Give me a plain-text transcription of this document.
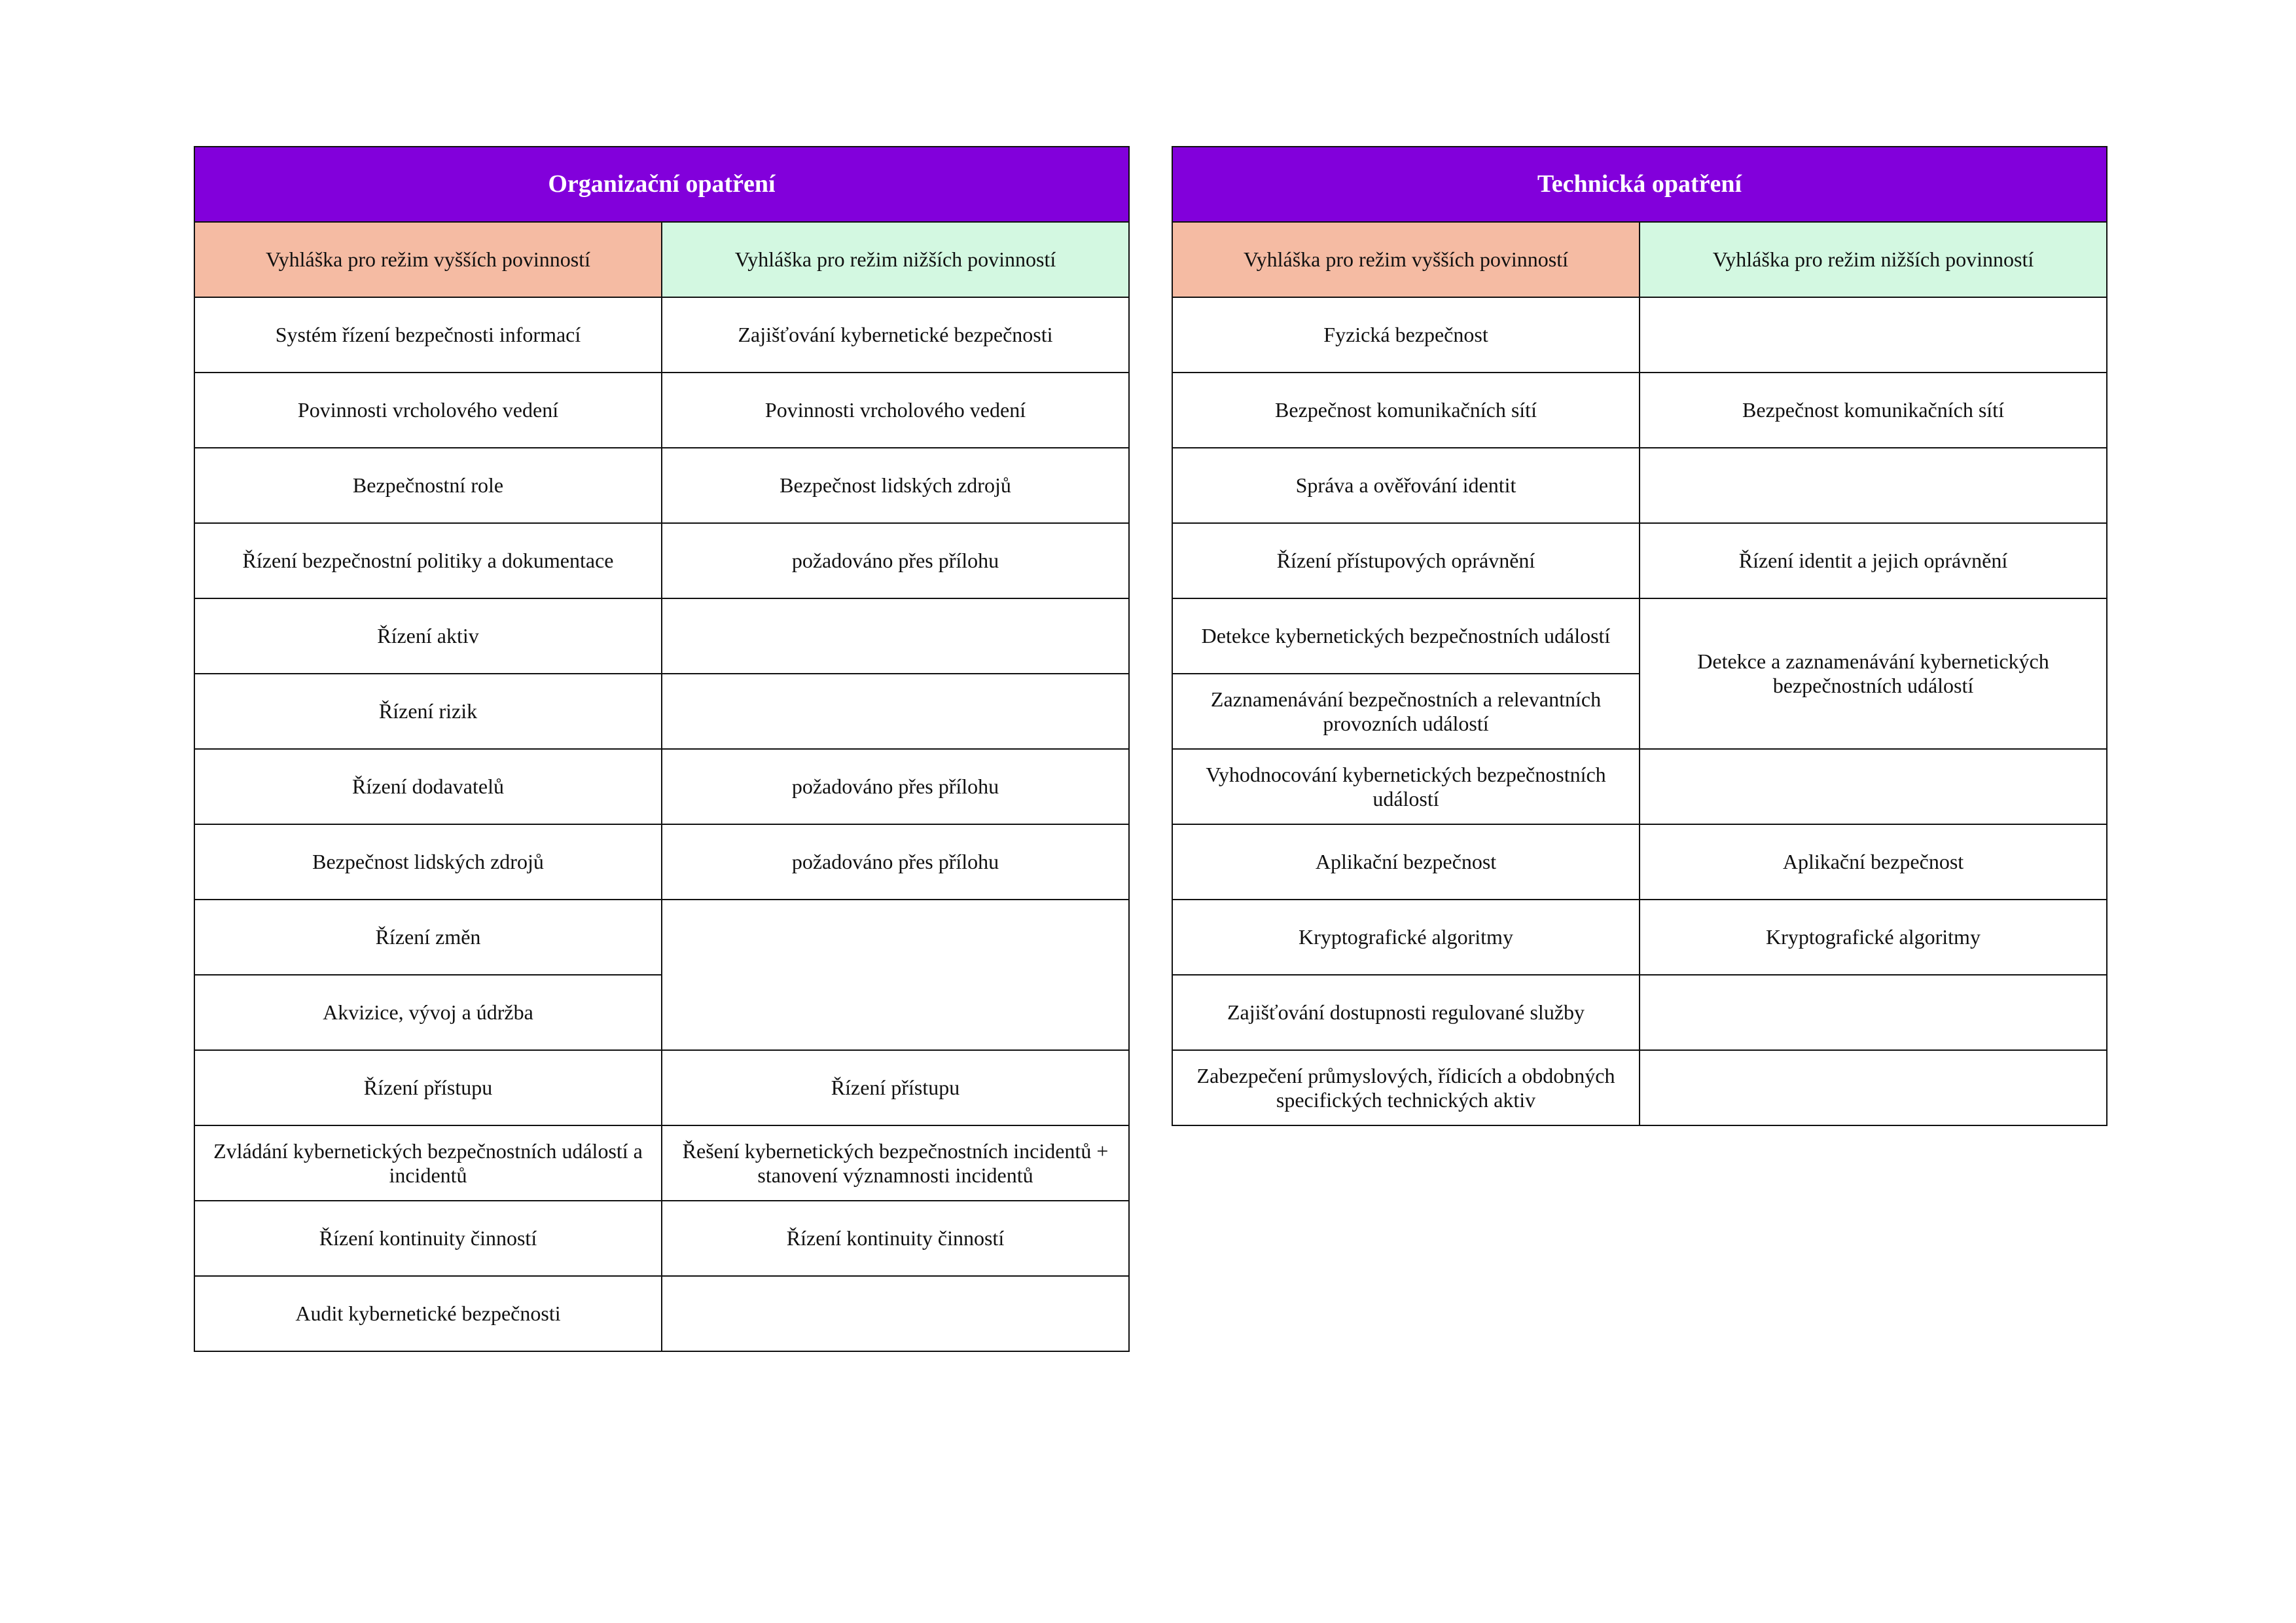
Organizační opatření	
Vyhláška pro režim vyšších povinností	Vyhláška pro režim nižších povinností
Systém řízení bezpečnosti informací	Zajišťování kybernetické bezpečnosti
Povinnosti vrcholového vedení	Povinnosti vrcholového vedení
Bezpečnostní role	Bezpečnost lidských zdrojů
Řízení bezpečnostní politiky a dokumentace	požadováno přes přílohu
Řízení aktiv	
Řízení rizik	
Řízení dodavatelů	požadováno přes přílohu
Bezpečnost lidských zdrojů	požadováno přes přílohu
Řízení změn	
Akvizice, vývoj a údržba	
Řízení přístupu	Řízení přístupu
Zvládání kybernetických bezpečnostních událostí a incidentů	Řešení kybernetických bezpečnostních incidentů + stanovení významnosti incidentů
Řízení kontinuity činností	Řízení kontinuity činností
Audit kybernetické bezpečnosti	
Technická opatření	
Vyhláška pro režim vyšších povinností	Vyhláška pro režim nižších povinností
Fyzická bezpečnost	
Bezpečnost komunikačních sítí	Bezpečnost komunikačních sítí
Správa a ověřování identit	
Řízení přístupových oprávnění	Řízení identit a jejich oprávnění
Detekce kybernetických bezpečnostních událostí	Detekce a zaznamenávání kybernetických bezpečnostních událostí
Zaznamenávání bezpečnostních a relevantních provozních událostí	
Vyhodnocování kybernetických bezpečnostních událostí	
Aplikační bezpečnost	Aplikační bezpečnost
Kryptografické algoritmy	Kryptografické algoritmy
Zajišťování dostupnosti regulované služby	
Zabezpečení průmyslových, řídicích a obdobných specifických technických aktiv	
